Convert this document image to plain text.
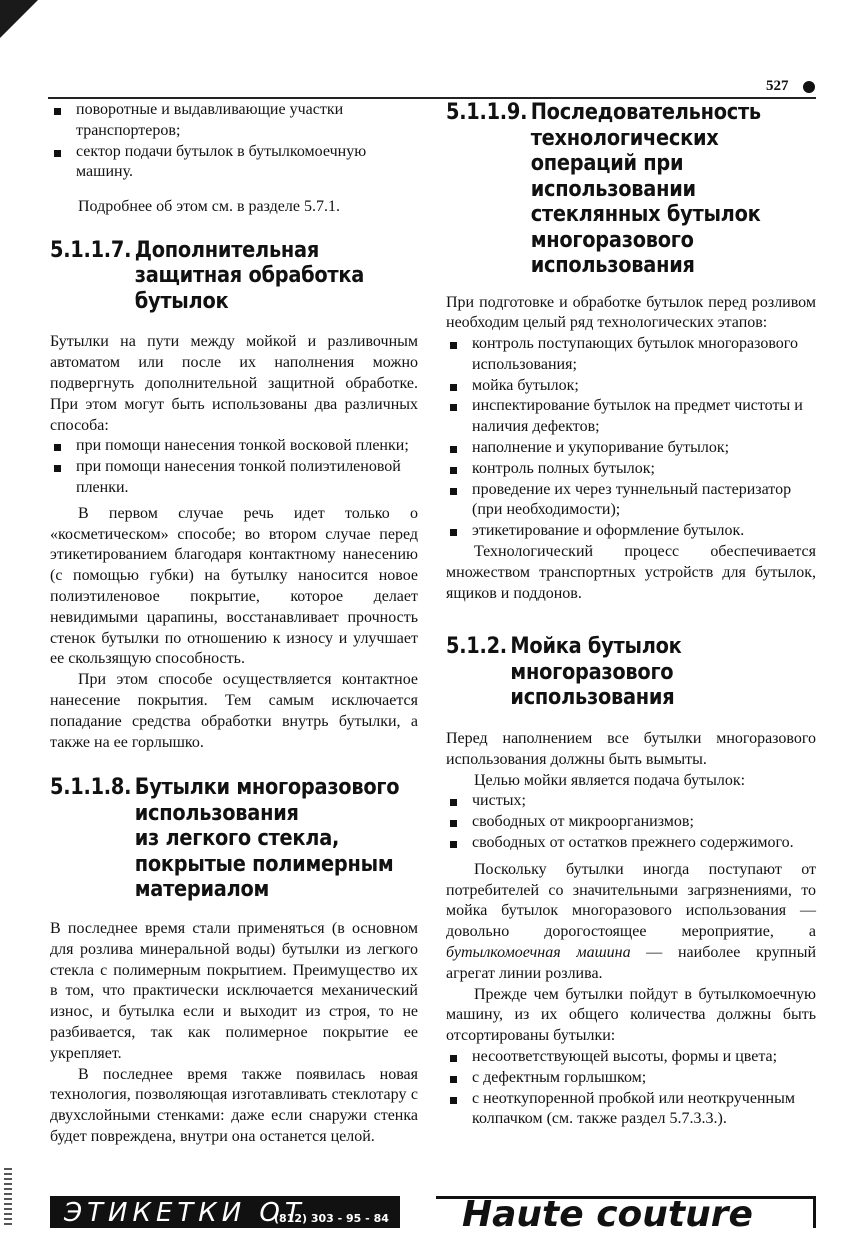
527
поворотные и выдавливающие участки транспортеров;
сектор подачи бутылок в бутылкомоечную машину.

Подробнее об этом см. в разделе 5.7.1.

5.1.1.7. Дополнительная
защитная обработка
бутылок

Бутылки на пути между мойкой и разливочным автоматом или после их наполнения можно подвергнуть дополнительной защитной обработке. При этом могут быть использованы два различных способа:

при помощи нанесения тонкой восковой пленки;
при помощи нанесения тонкой полиэтиленовой пленки.

В первом случае речь идет только о «косметическом» способе; во втором случае перед этикетированием благодаря контактному нанесению (с помощью губки) на бутылку наносится новое полиэтиленовое покрытие, которое делает невидимыми царапины, восстанавливает прочность стенок бутылки по отношению к износу и улучшает ее скользящую способность.

При этом способе осуществляется контактное нанесение покрытия. Тем самым исключается попадание средства обработки внутрь бутылки, а также на ее горлышко.

5.1.1.8. Бутылки многоразового
использования
из легкого стекла,
покрытые полимерным
материалом

В последнее время стали применяться (в основном для розлива минеральной воды) бутылки из легкого стекла с полимерным покрытием. Преимущество их в том, что практически исключается механический износ, и бутылка если и выходит из строя, то не разбивается, так как полимерное покрытие ее укрепляет.

В последнее время также появилась новая технология, позволяющая изготавливать стеклотару с двухслойными стенками: даже если снаружи стенка будет повреждена, внутри она останется целой.

5.1.1.9. Последовательность
технологических
операций при
использовании
стеклянных бутылок
многоразового
использования

При подготовке и обработке бутылок перед розливом необходим целый ряд технологических этапов:

контроль поступающих бутылок многоразового использования;
мойка бутылок;
инспектирование бутылок на предмет чистоты и наличия дефектов;
наполнение и укупоривание бутылок;
контроль полных бутылок;
проведение их через туннельный пастеризатор (при необходимости);
этикетирование и оформление бутылок.

Технологический процесс обеспечивается множеством транспортных устройств для бутылок, ящиков и поддонов.

5.1.2. Мойка бутылок
многоразового
использования

Перед наполнением все бутылки многоразового использования должны быть вымыты.

Целью мойки является подача бутылок:

чистых;
свободных от микроорганизмов;
свободных от остатков прежнего содержимого.

Поскольку бутылки иногда поступают от потребителей со значительными загрязнениями, то мойка бутылок многоразового использования — довольно дорогостоящее мероприятие, а бутылкомоечная машина — наиболее крупный агрегат линии розлива.

Прежде чем бутылки пойдут в бутылкомоечную машину, из их общего количества должны быть отсортированы бутылки:

несоответствующей высоты, формы и цвета;
с дефектным горлышком;
с неоткупоренной пробкой или неоткрученным колпачком (см. также раздел 5.7.3.3.).
ЭТИКЕТКИ ОТ
(812) 303 - 95 - 84 Haute couture
